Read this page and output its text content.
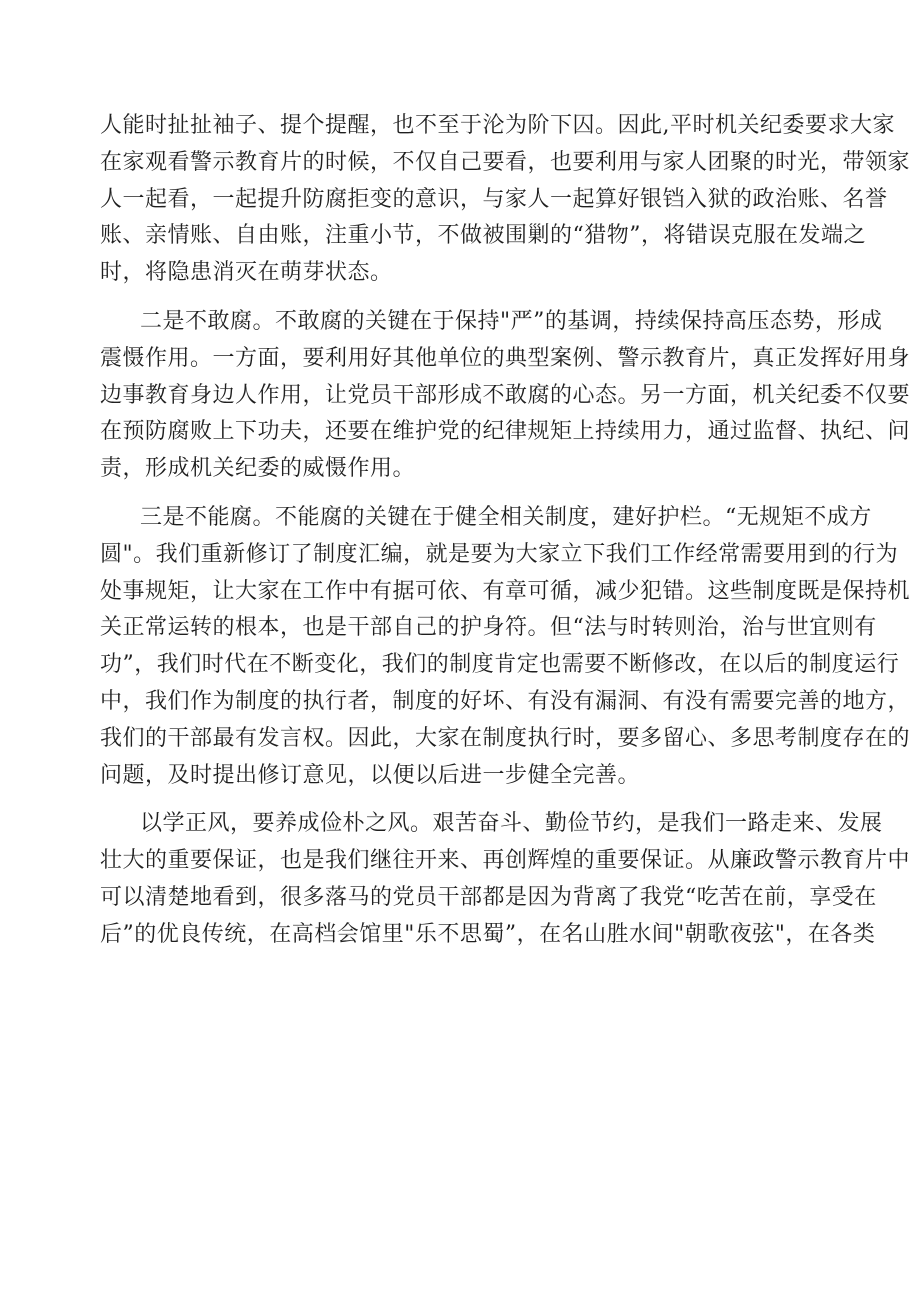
人能时扯扯袖子、提个提醒，也不至于沦为阶下囚。因此,平时机关纪委要求大家
在家观看警示教育片的时候，不仅自己要看，也要利用与家人团聚的时光，带领家
人一起看，一起提升防腐拒变的意识，与家人一起算好银铛入狱的政治账、名誉
账、亲情账、自由账，注重小节，不做被围剿的“猎物”，将错误克服在发端之
时，将隐患消灭在萌芽状态。
二是不敢腐。不敢腐的关键在于保持"严”的基调，持续保持高压态势，形成
震慑作用。一方面，要利用好其他单位的典型案例、警示教育片，真正发挥好用身
边事教育身边人作用，让党员干部形成不敢腐的心态。另一方面，机关纪委不仅要
在预防腐败上下功夫，还要在维护党的纪律规矩上持续用力，通过监督、执纪、问
责，形成机关纪委的威慑作用。
三是不能腐。不能腐的关键在于健全相关制度，建好护栏。“无规矩不成方
圆"。我们重新修订了制度汇编，就是要为大家立下我们工作经常需要用到的行为
处事规矩，让大家在工作中有据可依、有章可循，减少犯错。这些制度既是保持机
关正常运转的根本，也是干部自己的护身符。但“法与时转则治，治与世宜则有
功”，我们时代在不断变化，我们的制度肯定也需要不断修改，在以后的制度运行
中，我们作为制度的执行者，制度的好坏、有没有漏洞、有没有需要完善的地方，
我们的干部最有发言权。因此，大家在制度执行时，要多留心、多思考制度存在的
问题，及时提出修订意见，以便以后进一步健全完善。
以学正风，要养成俭朴之风。艰苦奋斗、勤俭节约，是我们一路走来、发展
壮大的重要保证，也是我们继往开来、再创辉煌的重要保证。从廉政警示教育片中
可以清楚地看到，很多落马的党员干部都是因为背离了我党“吃苦在前，享受在
后”的优良传统，在高档会馆里"乐不思蜀”，在名山胜水间"朝歌夜弦"，在各类
